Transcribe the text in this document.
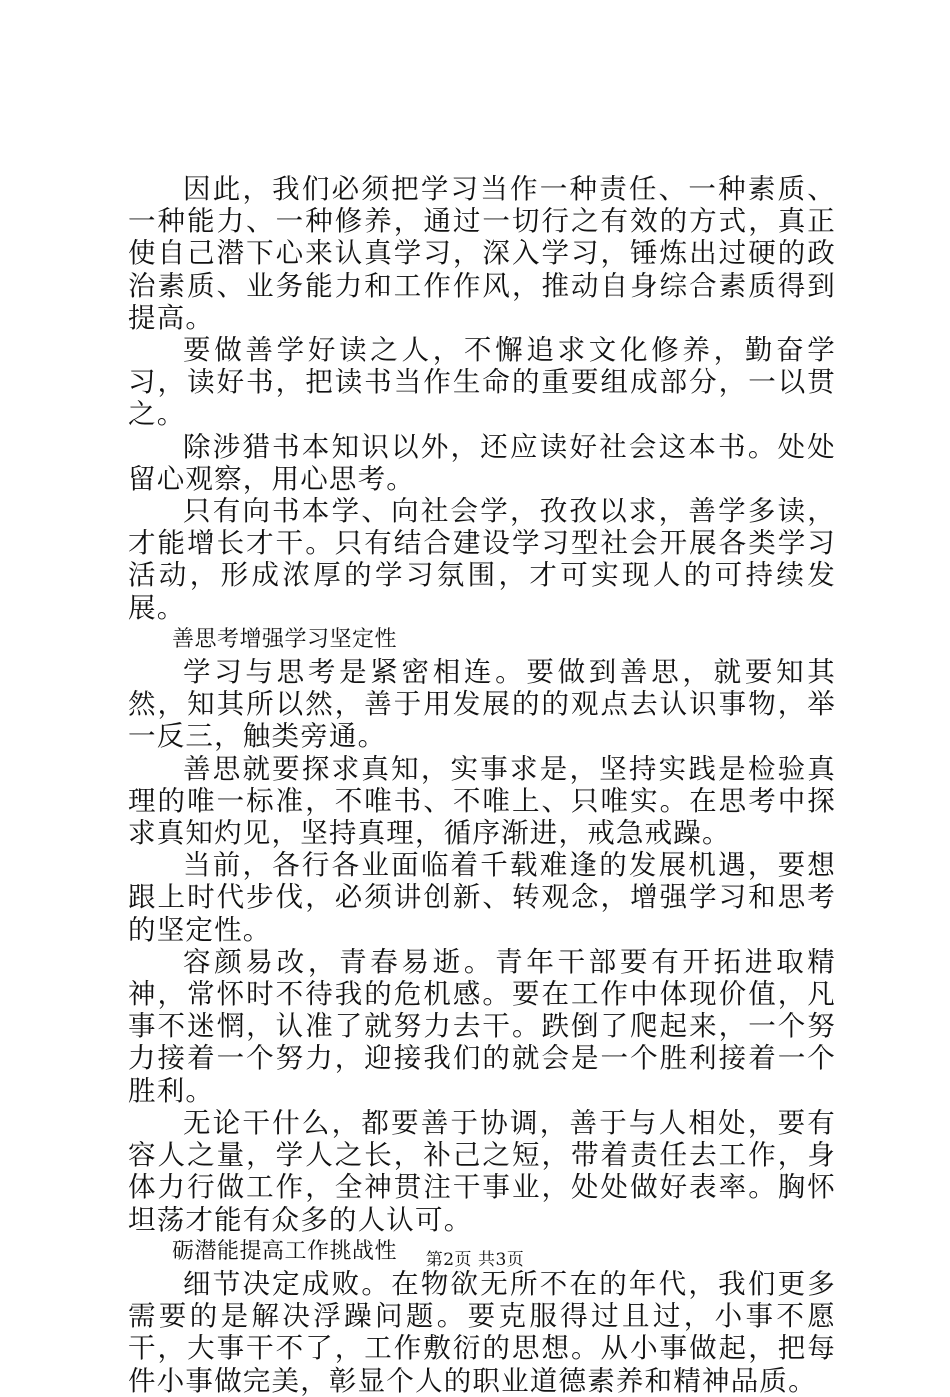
因此，我们必须把学习当作一种责任、一种素质、一种能力、一种修养，通过一切行之有效的方式，真正使自己潜下心来认真学习，深入学习，锤炼出过硬的政治素质、业务能力和工作作风，推动自身综合素质得到提高。

要做善学好读之人，不懈追求文化修养，勤奋学习，读好书，把读书当作生命的重要组成部分，一以贯之。

除涉猎书本知识以外，还应读好社会这本书。处处留心观察，用心思考。

只有向书本学、向社会学，孜孜以求，善学多读，才能增长才干。只有结合建设学习型社会开展各类学习活动，形成浓厚的学习氛围，才可实现人的可持续发展。

善思考增强学习坚定性

学习与思考是紧密相连。要做到善思，就要知其然，知其所以然，善于用发展的的观点去认识事物，举一反三，触类旁通。

善思就要探求真知，实事求是，坚持实践是检验真理的唯一标准，不唯书、不唯上、只唯实。在思考中探求真知灼见，坚持真理，循序渐进，戒急戒躁。

当前，各行各业面临着千载难逢的发展机遇，要想跟上时代步伐，必须讲创新、转观念，增强学习和思考的坚定性。

容颜易改，青春易逝。青年干部要有开拓进取精神，常怀时不待我的危机感。要在工作中体现价值，凡事不迷惘，认准了就努力去干。跌倒了爬起来，一个努力接着一个努力，迎接我们的就会是一个胜利接着一个胜利。

无论干什么，都要善于协调，善于与人相处，要有容人之量，学人之长，补己之短，带着责任去工作，身体力行做工作，全神贯注干事业，处处做好表率。胸怀坦荡才能有众多的人认可。

砺潜能提高工作挑战性

细节决定成败。在物欲无所不在的年代，我们更多需要的是解决浮躁问题。要克服得过且过，小事不愿干，大事干不了，工作敷衍的思想。从小事做起，把每件小事做完美，彰显个人的职业道德素养和精神品质。

第2页 共3页
